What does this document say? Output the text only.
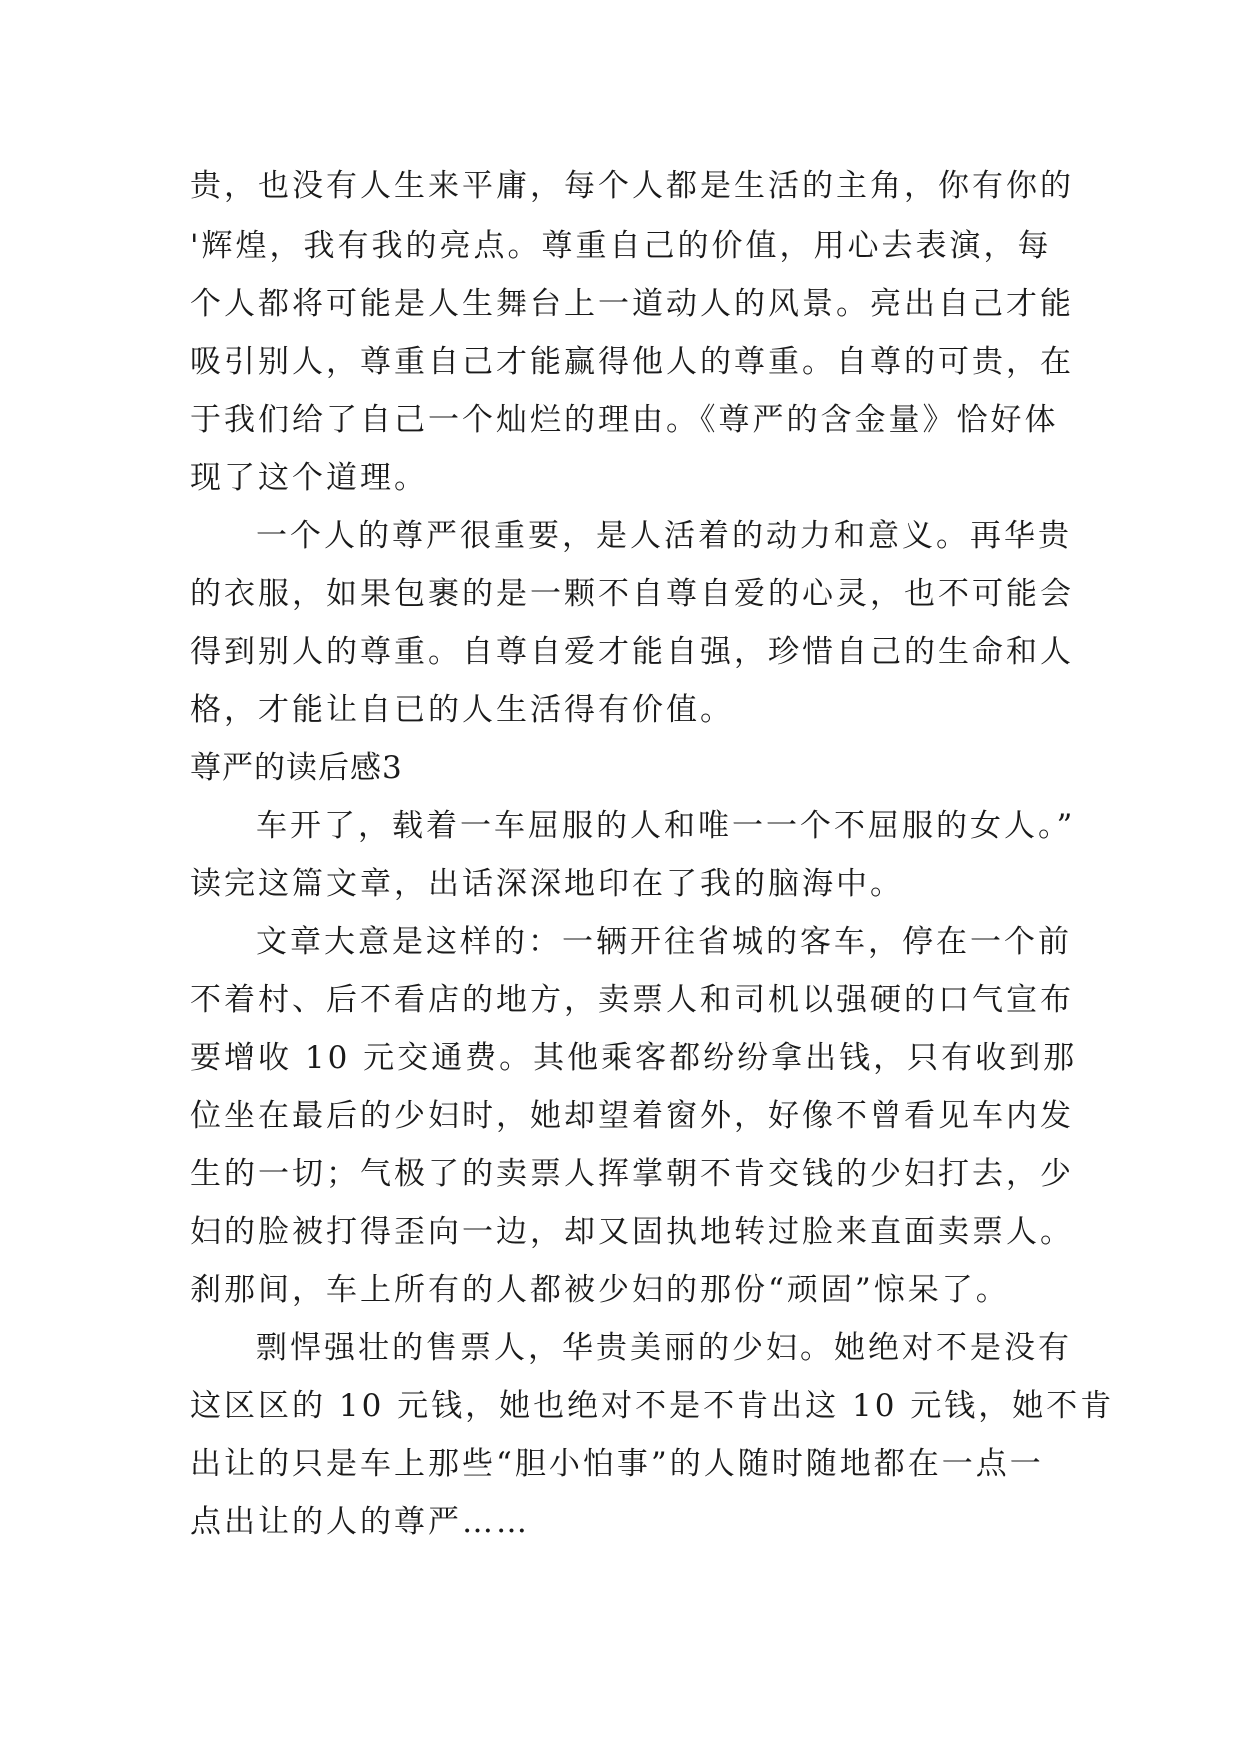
贵，也没有人生来平庸，每个人都是生活的主角，你有你的
'辉煌，我有我的亮点。尊重自己的价值，用心去表演，每
个人都将可能是人生舞台上一道动人的风景。亮出自己才能
吸引别人，尊重自己才能赢得他人的尊重。自尊的可贵，在
于我们给了自己一个灿烂的理由。《尊严的含金量》恰好体
现了这个道理。
一个人的尊严很重要，是人活着的动力和意义。再华贵
的衣服，如果包裹的是一颗不自尊自爱的心灵，也不可能会
得到别人的尊重。自尊自爱才能自强，珍惜自己的生命和人
格，才能让自已的人生活得有价值。
尊严的读后感3
车开了，载着一车屈服的人和唯一一个不屈服的女人。”
读完这篇文章，出话深深地印在了我的脑海中。
文章大意是这样的：一辆开往省城的客车，停在一个前
不着村、后不看店的地方，卖票人和司机以强硬的口气宣布
要增收 10 元交通费。其他乘客都纷纷拿出钱，只有收到那
位坐在最后的少妇时，她却望着窗外，好像不曾看见车内发
生的一切；气极了的卖票人挥掌朝不肯交钱的少妇打去，少
妇的脸被打得歪向一边，却又固执地转过脸来直面卖票人。
刹那间，车上所有的人都被少妇的那份“顽固”惊呆了。
剽悍强壮的售票人，华贵美丽的少妇。她绝对不是没有
这区区的 10 元钱，她也绝对不是不肯出这 10 元钱，她不肯
出让的只是车上那些“胆小怕事”的人随时随地都在一点一
点出让的人的尊严……
